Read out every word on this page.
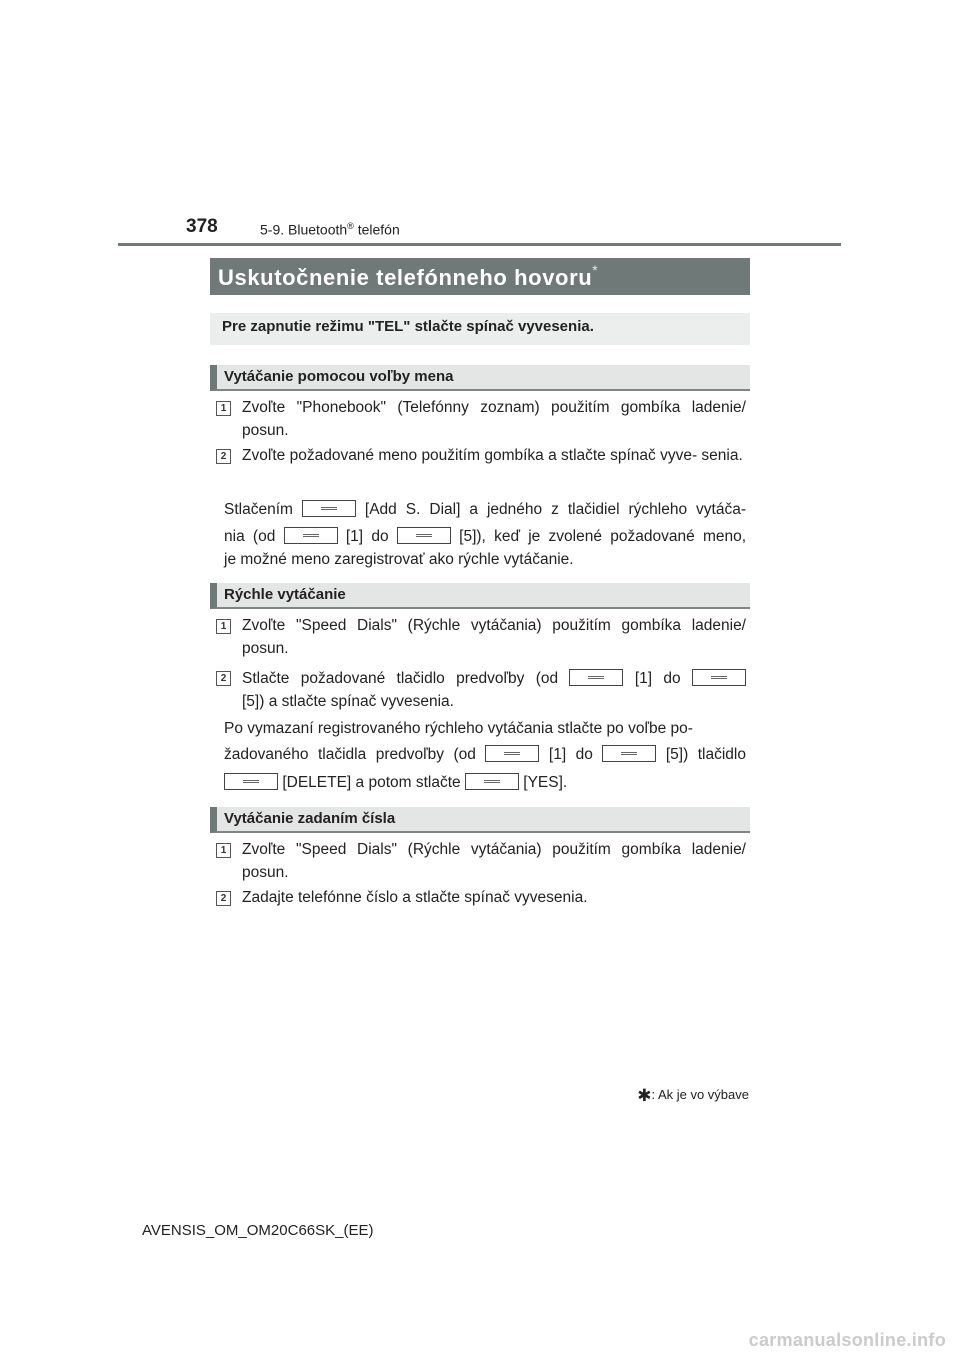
378	5-9. Bluetooth® telefón
Uskutočnenie telefónneho hovoru*
Pre zapnutie režimu "TEL" stlačte spínač vyvesenia.
Vytáčanie pomocou voľby mena
1	Zvoľte "Phonebook" (Telefónny zoznam) použitím gombíka ladenie/ posun.
2	Zvoľte požadované meno použitím gombíka a stlačte spínač vyve- senia.
Stlačením	[Add S. Dial] a jedného z tlačidiel rýchleho vytáča-
nia (od	[1] do	[5]), keď je zvolené požadované meno,
je možné meno zaregistrovať ako rýchle vytáčanie.
Rýchle vytáčanie
1	Zvoľte "Speed Dials" (Rýchle vytáčania) použitím gombíka ladenie/ posun.
2	Stlačte požadované tlačidlo predvoľby (od	[1] do
[5]) a stlačte spínač vyvesenia.
Po vymazaní registrovaného rýchleho vytáčania stlačte po voľbe po-
žadovaného tlačidla predvoľby (od	[1] do	[5]) tlačidlo
[DELETE] a potom stlačte	[YES].
Vytáčanie zadaním čísla
1	Zvoľte "Speed Dials" (Rýchle vytáčania) použitím gombíka ladenie/ posun.
2	Zadajte telefónne číslo a stlačte spínač vyvesenia.
✱: Ak je vo výbave
AVENSIS_OM_OM20C66SK_(EE)
carmanualsonline.info
